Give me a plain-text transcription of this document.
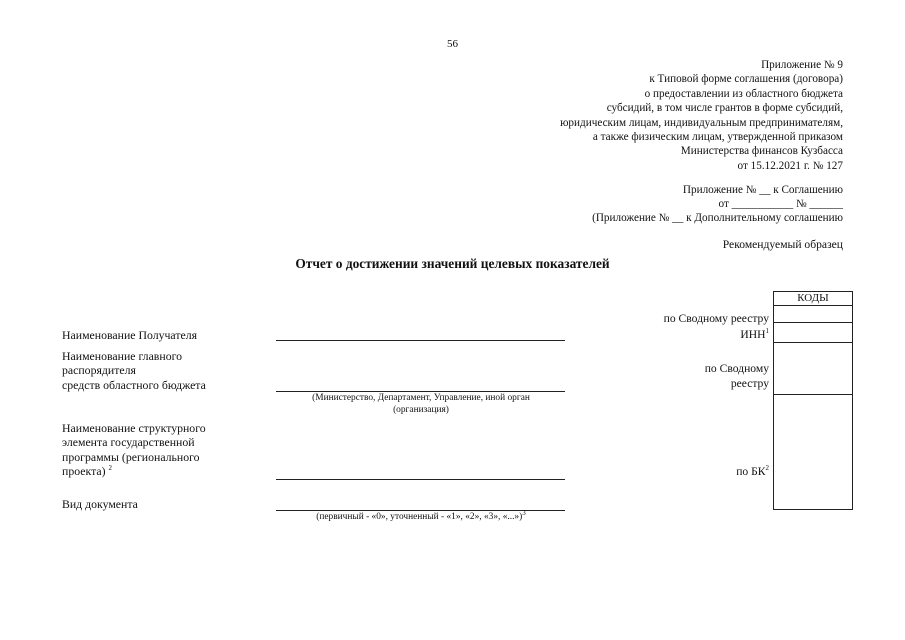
56
Приложение № 9
к Типовой форме соглашения (договора)
о предоставлении из областного бюджета
субсидий, в том числе грантов в форме субсидий,
юридическим лицам, индивидуальным предпринимателям,
а также физическим лицам, утвержденной приказом
Министерства финансов Кузбасса
от 15.12.2021 г. № 127
Приложение № __ к Соглашению
от ___________ № ______
(Приложение № __ к Дополнительному соглашению
Рекомендуемый образец
Отчет о достижении значений целевых показателей
Наименование Получателя
Наименование главного
распорядителя
средств областного бюджета
(Министерство, Департамент, Управление, иной орган
(организация)
Наименование структурного
элемента государственной
программы (регионального
проекта) $^2$
Вид документа
(первичный - «0», уточненный - «1», «2», «3», «...»)$^3$
по Сводному реестру
ИНН$^1$
по Сводному
реестру
по $БК^2$
КОДЫ
